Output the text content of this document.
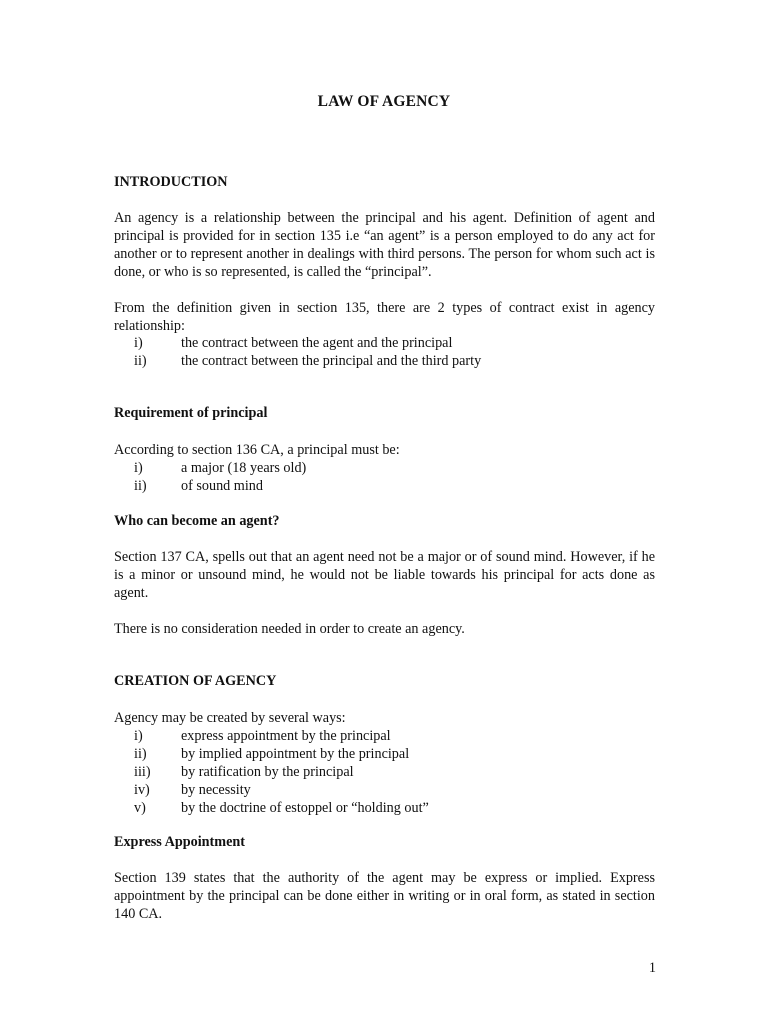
LAW OF AGENCY
INTRODUCTION

An agency is a relationship between the principal and his agent. Definition of agent and principal is provided for in section 135 i.e “an agent” is a person employed to do any act for another or to represent another in dealings with third persons. The person for whom such act is done, or who is so represented, is called the “principal”.

From the definition given in section 135, there are 2 types of contract exist in agency relationship:

i)	the contract between the agent and the principal
ii) the contract between the principal and the third party
Requirement of principal

According to section 136 CA, a principal must be:

i)	a major (18 years old)
ii) of sound mind
Who can become an agent?

Section 137 CA, spells out that an agent need not be a major or of sound mind. However, if he is a minor or unsound mind, he would not be liable towards his principal for acts done as agent.

There is no consideration needed in order to create an agency.

CREATION OF AGENCY

Agency may be created by several ways:

i)	express appointment by the principal
ii) by implied appointment by the principal
iii) by ratification by the principal
iv) by necessity
v) by the doctrine of estoppel or “holding out”
Express Appointment

Section 139 states that the authority of the agent may be express or implied. Express appointment by the principal can be done either in writing or in oral form, as stated in section 140 CA.

1
